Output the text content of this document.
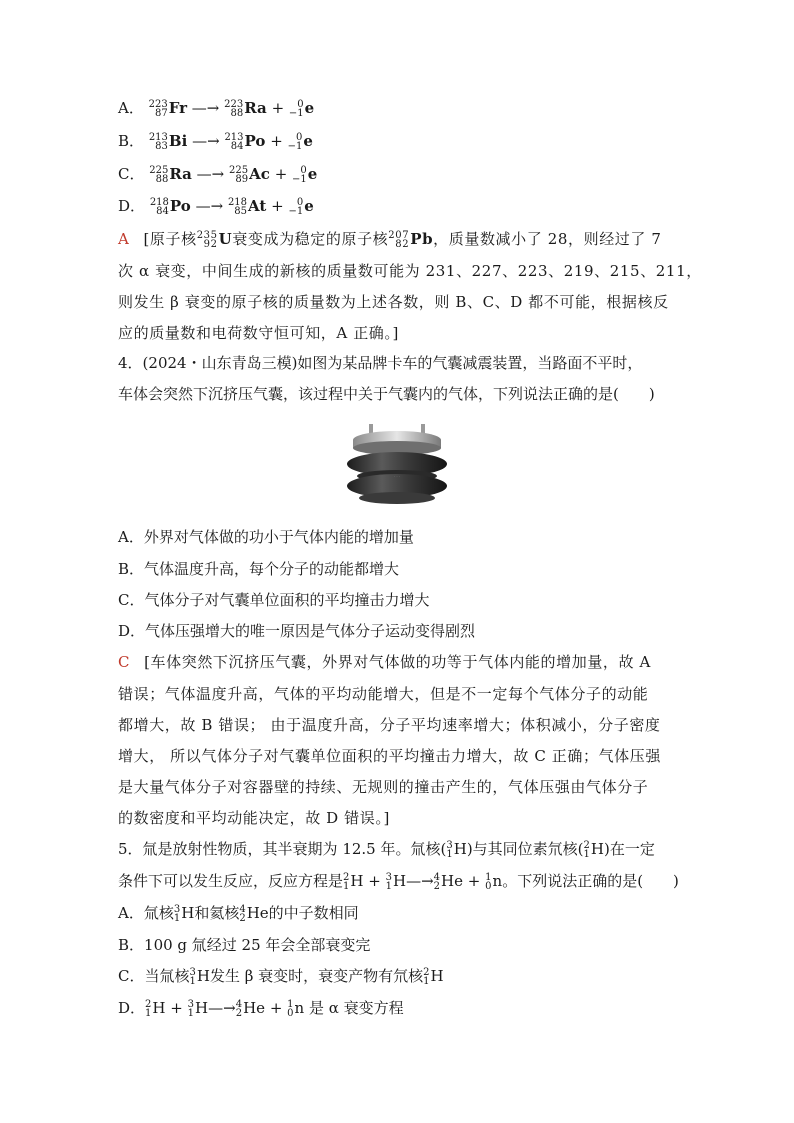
A． 223
87 Fr —→ 223
88 Ra +	0
−1 e
B． 213
83 Bi —→ 213
84 Po +	0
−1 e
C． 225
88 Ra —→ 225
89 Ac +	0
−1 e
D． 218
84 Po —→ 218
85 At +	0
−1 e
A [原子核 235
92 U衰变成为稳定的原子核 207
82 Pb，质量数减小了 28，则经过了 7
次 α 衰变，中间生成的新核的质量数可能为 231、227、223、219、215、211，
则发生 β 衰变的原子核的质量数为上述各数，则 B、C、D 都不可能，根据核反
应的质量数和电荷数守恒可知，A 正确。]
4．(2024・山东青岛三模)如图为某品牌卡车的气囊减震装置，当路面不平时，
车体会突然下沉挤压气囊，该过程中关于气囊内的气体，下列说法正确的是(　　)
· · ·
A．外界对气体做的功小于气体内能的增加量
B．气体温度升高，每个分子的动能都增大
C．气体分子对气囊单位面积的平均撞击力增大
D．气体压强增大的唯一原因是气体分子运动变得剧烈
C [车体突然下沉挤压气囊，外界对气体做的功等于气体内能的增加量，故 A
错误；气体温度升高，气体的平均动能增大，但是不一定每个气体分子的动能
都增大，故 B 错误； 由于温度升高，分子平均速率增大；体积减小，分子密度
增大， 所以气体分子对气囊单位面积的平均撞击力增大，故 C 正确；气体压强
是大量气体分子对容器壁的持续、无规则的撞击产生的，气体压强由气体分子
的数密度和平均动能决定，故 D 错误。]
5．氚是放射性物质，其半衰期为 12.5 年。氚核( 3
1 H)与其同位素氘核( 2
1 H)在一定
条件下可以发生反应，反应方程是 2
1 H + 3
1 H—→ 4
2 He + 1
0 n。下列说法正确的是(　　)
A．氚核 3
1 H和氦核 4
2 He的中子数相同
B．100 g 氚经过 25 年会全部衰变完
C．当氚核 3
1 H发生 β 衰变时，衰变产物有氘核 2
1 H
D． 2
1 H + 3
1 H—→ 4
2 He + 1
0 n 是 α 衰变方程
